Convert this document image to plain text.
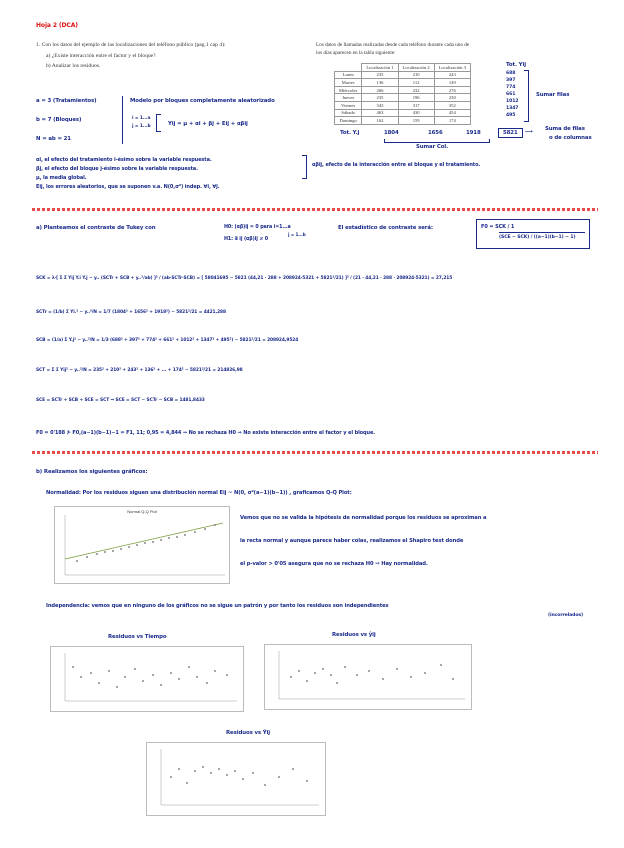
Hoja 2 (DCA)
1. Con los datos del ejemplo de las localizaciones del teléfono público (pag.1 cap 4):
a) ¿Existe interacción entre el factor y el bloque?
b) Analizar los residuos.
Los datos de llamadas realizadas desde cada teléfono durante cada uno de
los días aparecen en la tabla siguiente:
	Localización 1	Localización 2	Localización 3
Lunes	235	210	243
Martes	136	112	149
Miércoles	266	232	276
Jueves	235	196	230
Viernes	343	317	352
Sábado	463	430	454
Domingo	162	159	174
Tot. Yij
688
397
774
661
1012
1347
495
Sumar filas
Tot. Y.j	1804	1656	1918
Sumar Col.
5821	⟶ Suma de filas
o de columnas
a = 3 (Tratamientos)
b = 7 (Bloques)
N = ab = 21
Modelo por bloques completamente aleatorizado
i = 1...a
j = 1...b	Yij = μ + αi + βj + Eij + αβij
αi, el efecto del tratamiento i-ésimo sobre la variable respuesta.
βj, el efecto del bloque j-ésimo sobre la variable respuesta.
μ, la media global.
Eij, los errores aleatorios, que se suponen v.a. N(0,σ²) indep. ∀i, ∀j.
αβij, efecto de la interacción entre el bloque y el tratamiento.
a) Planteamos el contraste de Tukey con	H0: (αβ)ij = 0 para i=1...a
j = 1...b
H1: ∃ ij (αβ)ij ≠ 0
El estadístico de contraste será:	F0 = SCK / 1
(SCE − SCK) / ((a−1)(b−1) − 1)
SCK = λ·[ Σ Σ Yij Y.i Y.j − y.. (SCTr + SCB + y..²/ab) ]² / (ab·SCTr·SCB) = [ 58041695 − 5821 (44,21 · 288 + 208924·5321 + 5821²/21) ]² / (21 · 44,21 · 288 · 208924·5321) = 27,215
SCTr = (1/b) Σ Yi.² − y..²/N = 1/7 (1804² + 1656² + 1918²) − 5821²/21 = 4421,288
SCB = (1/a) Σ Y.j² − y..²/N = 1/3 (688² + 397² + 774² + 661² + 1012² + 1347² + 495²) − 5821²/21 = 208924,9524
SCT = Σ Σ Yij² − y..²/N = 235² + 210² + 243² + 136² + ... + 174² − 5821²/21 = 214826,98
SCE = SCTr + SCB + SCE = SCT ⇒ SCE = SCT − SCTr − SCB = 1481,8433
F0 = 0'188 ⊁ F0,(a−1)(b−1)−1 = F1, 11; 0,95 = 4,844 ⇒ No se rechaza H0 ⇒ No existe interacción entre el factor y el bloque.
b) Realizamos los siguientes gráficos:
Normalidad: Por los residuos siguen una distribución normal Eij ~ N(0, σ²(a−1)(b−1)) , graficamos Q-Q Plot:
Normal Q-Q Plot
Vemos que no se valida la hipótesis de normalidad porque los residuos se aproximan a
la recta normal y aunque parece haber colas, realizamos el Shapiro test donde
el p-valor > 0'05 asegura que no se rechaza H0 ⇒ Hay normalidad.
Independencia: vemos que en ninguno de los gráficos no se sigue un patrón y por tanto los residuos son independientes
(incorrelados)
Residuos vs Tiempo	Residuos vs ŷij
Residuos vs Ŷij
